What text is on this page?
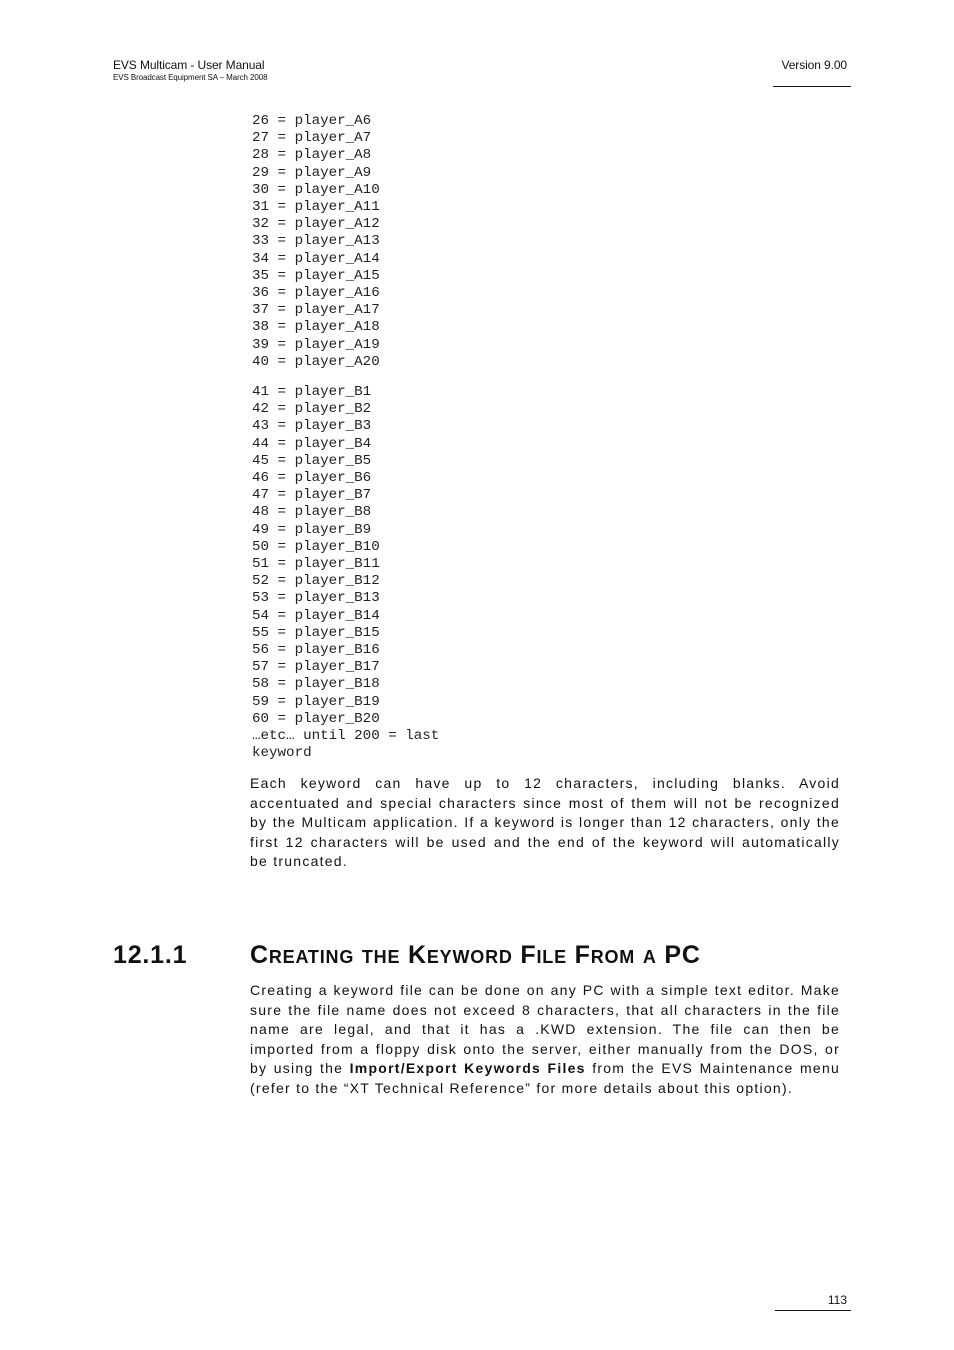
EVS Multicam - User Manual
EVS Broadcast Equipment SA – March 2008
Version 9.00
26 = player_A6
27 = player_A7
28 = player_A8
29 = player_A9
30 = player_A10
31 = player_A11
32 = player_A12
33 = player_A13
34 = player_A14
35 = player_A15
36 = player_A16
37 = player_A17
38 = player_A18
39 = player_A19
40 = player_A20
41 = player_B1
42 = player_B2
43 = player_B3
44 = player_B4
45 = player_B5
46 = player_B6
47 = player_B7
48 = player_B8
49 = player_B9
50 = player_B10
51 = player_B11
52 = player_B12
53 = player_B13
54 = player_B14
55 = player_B15
56 = player_B16
57 = player_B17
58 = player_B18
59 = player_B19
60 = player_B20
…etc… until 200 = last keyword

Each keyword can have up to 12 characters, including blanks. Avoid accentuated and special characters since most of them will not be recognized by the Multicam application. If a keyword is longer than 12 characters, only the first 12 characters will be used and the end of the keyword will automatically be truncated.

12.1.1	Creating the Keyword File From a PC

Creating a keyword file can be done on any PC with a simple text editor. Make sure the file name does not exceed 8 characters, that all characters in the file name are legal, and that it has a .KWD extension. The file can then be imported from a floppy disk onto the server, either manually from the DOS, or by using the Import/Export Keywords Files from the EVS Maintenance menu (refer to the “XT Technical Reference” for more details about this option).

113
